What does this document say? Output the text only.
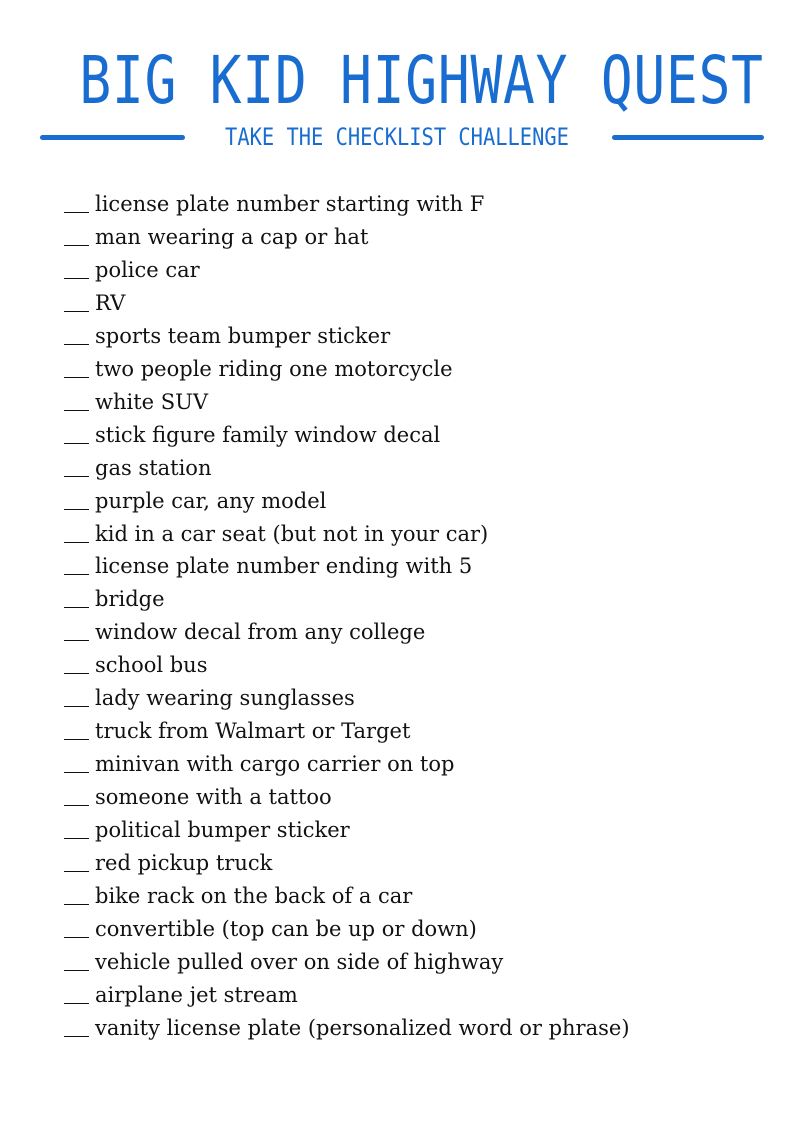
BIG KID HIGHWAY QUEST
TAKE THE CHECKLIST CHALLENGE
license plate number starting with F
man wearing a cap or hat
police car
RV
sports team bumper sticker
two people riding one motorcycle
white SUV
stick figure family window decal
gas station
purple car, any model
kid in a car seat (but not in your car)
license plate number ending with 5
bridge
window decal from any college
school bus
lady wearing sunglasses
truck from Walmart or Target
minivan with cargo carrier on top
someone with a tattoo
political bumper sticker
red pickup truck
bike rack on the back of a car
convertible (top can be up or down)
vehicle pulled over on side of highway
airplane jet stream
vanity license plate (personalized word or phrase)
